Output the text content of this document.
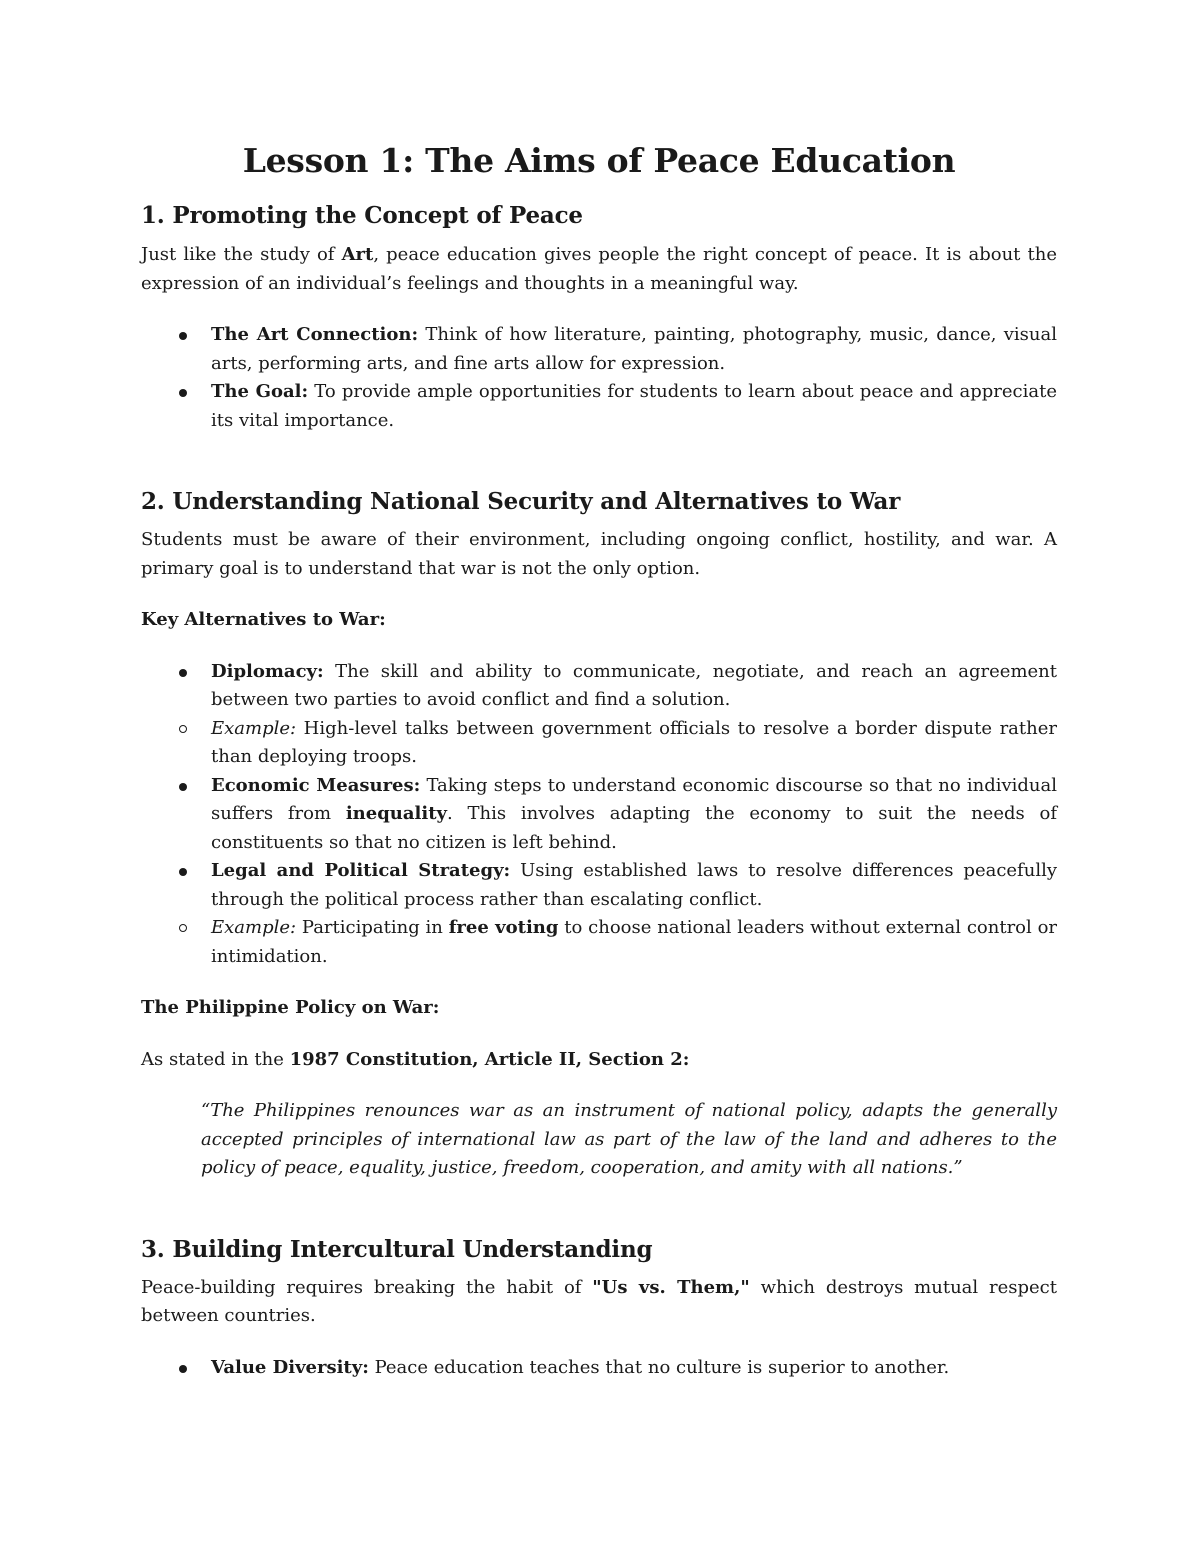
Lesson 1: The Aims of Peace Education
1. Promoting the Concept of Peace

Just like the study of Art, peace education gives people the right concept of peace. It is about the expression of an individual’s feelings and thoughts in a meaningful way.

The Art Connection: Think of how literature, painting, photography, music, dance, visual arts, performing arts, and fine arts allow for expression.
The Goal: To provide ample opportunities for students to learn about peace and appreciate its vital importance.
2. Understanding National Security and Alternatives to War

Students must be aware of their environment, including ongoing conflict, hostility, and war. A primary goal is to understand that war is not the only option.

Key Alternatives to War:

Diplomacy: The skill and ability to communicate, negotiate, and reach an agreement between two parties to avoid conflict and find a solution.
Example: High-level talks between government officials to resolve a border dispute rather than deploying troops.
Economic Measures: Taking steps to understand economic discourse so that no individual suffers from inequality. This involves adapting the economy to suit the needs of constituents so that no citizen is left behind.
Legal and Political Strategy: Using established laws to resolve differences peacefully through the political process rather than escalating conflict.
Example: Participating in free voting to choose national leaders without external control or intimidation.

The Philippine Policy on War:

As stated in the 1987 Constitution, Article II, Section 2:

“The Philippines renounces war as an instrument of national policy, adapts the generally accepted principles of international law as part of the law of the land and adheres to the policy of peace, equality, justice, freedom, cooperation, and amity with all nations.”

3. Building Intercultural Understanding

Peace-building requires breaking the habit of "Us vs. Them," which destroys mutual respect between countries.

Value Diversity: Peace education teaches that no culture is superior to another.
